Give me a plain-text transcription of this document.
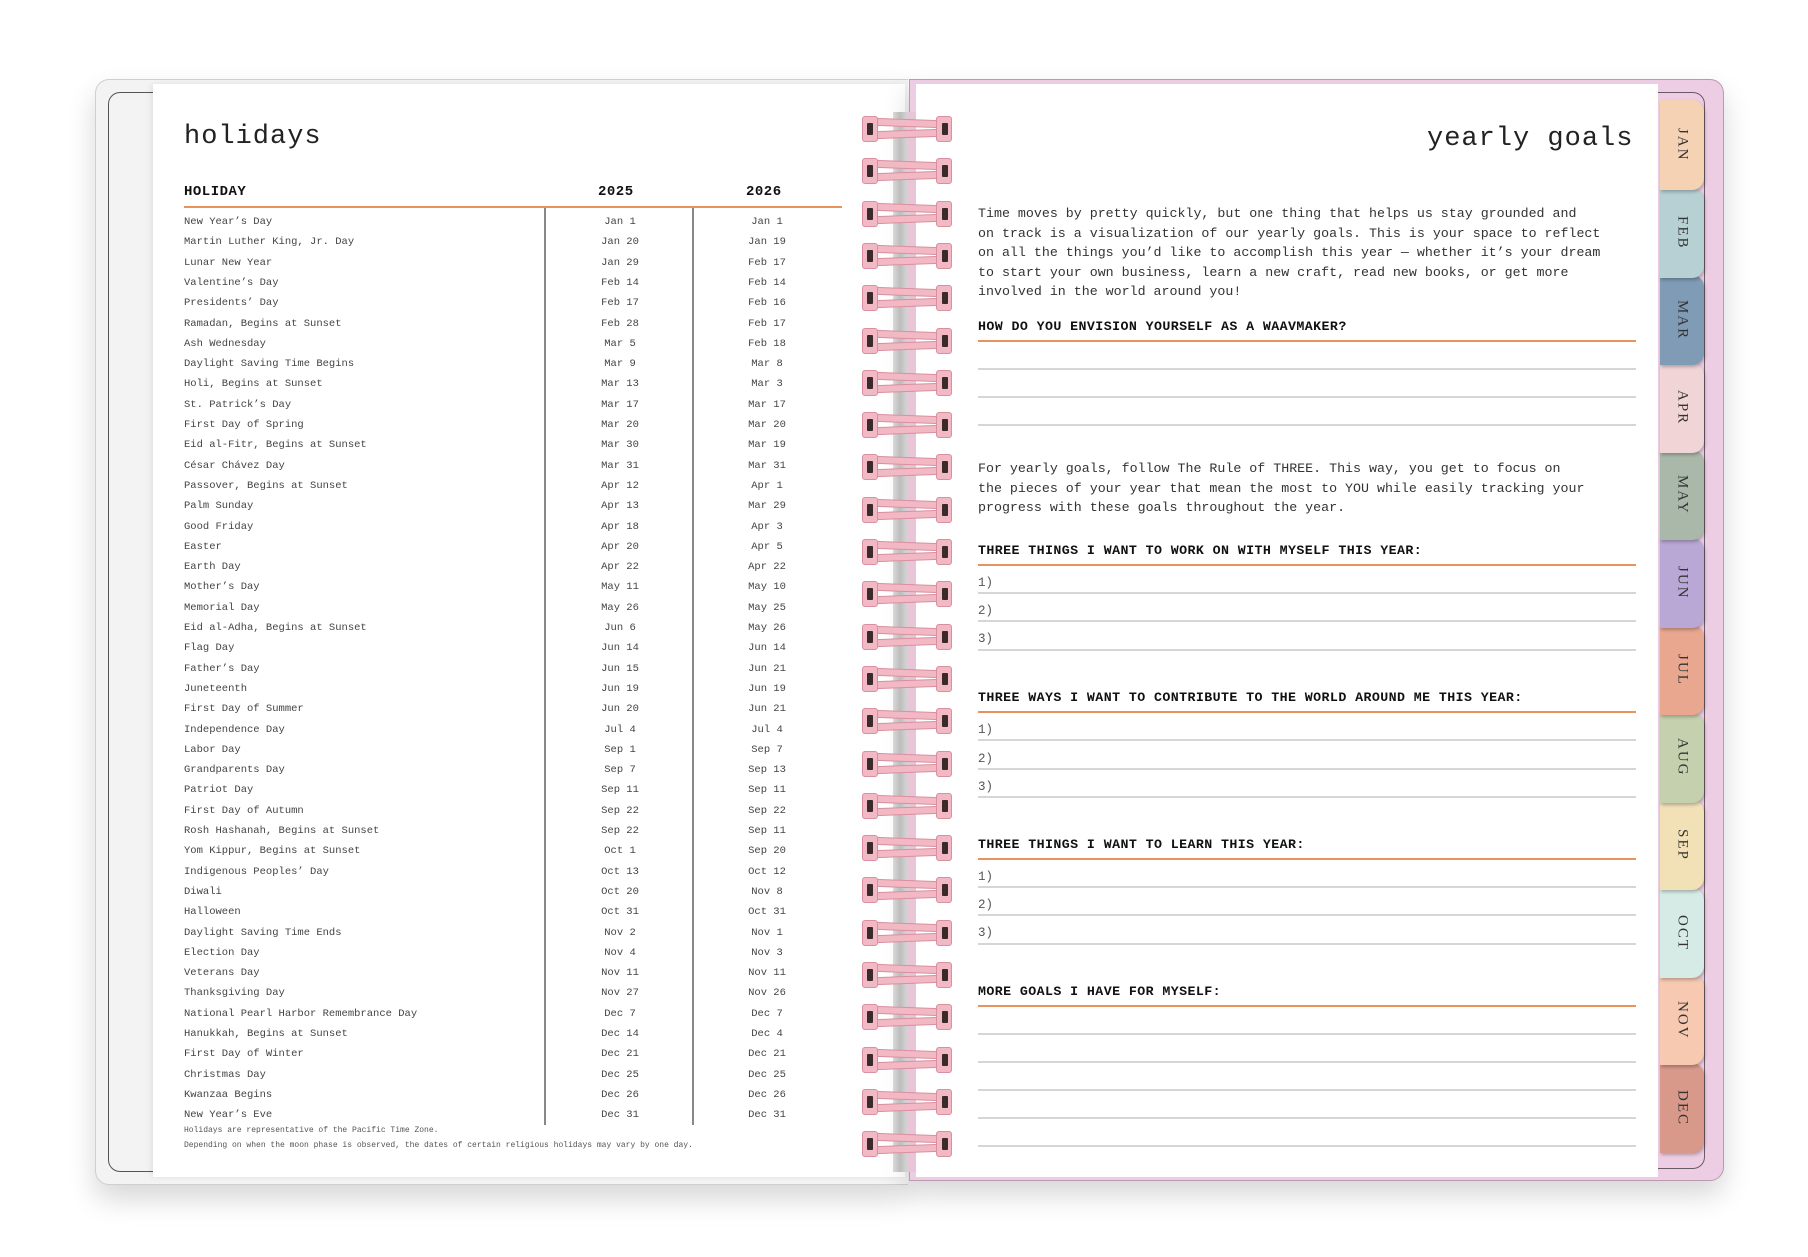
holidays
HOLIDAY	2025	2026
New Year’s Day	Jan 1	Jan 1
Martin Luther King, Jr. Day	Jan 20	Jan 19
Lunar New Year	Jan 29	Feb 17
Valentine’s Day	Feb 14	Feb 14
Presidents’ Day	Feb 17	Feb 16
Ramadan, Begins at Sunset	Feb 28	Feb 17
Ash Wednesday	Mar 5	Feb 18
Daylight Saving Time Begins	Mar 9	Mar 8
Holi, Begins at Sunset	Mar 13	Mar 3
St. Patrick’s Day	Mar 17	Mar 17
First Day of Spring	Mar 20	Mar 20
Eid al-Fitr, Begins at Sunset	Mar 30	Mar 19
César Chávez Day	Mar 31	Mar 31
Passover, Begins at Sunset	Apr 12	Apr 1
Palm Sunday	Apr 13	Mar 29
Good Friday	Apr 18	Apr 3
Easter	Apr 20	Apr 5
Earth Day	Apr 22	Apr 22
Mother’s Day	May 11	May 10
Memorial Day	May 26	May 25
Eid al-Adha, Begins at Sunset	Jun 6	May 26
Flag Day	Jun 14	Jun 14
Father’s Day	Jun 15	Jun 21
Juneteenth	Jun 19	Jun 19
First Day of Summer	Jun 20	Jun 21
Independence Day	Jul 4	Jul 4
Labor Day	Sep 1	Sep 7
Grandparents Day	Sep 7	Sep 13
Patriot Day	Sep 11	Sep 11
First Day of Autumn	Sep 22	Sep 22
Rosh Hashanah, Begins at Sunset	Sep 22	Sep 11
Yom Kippur, Begins at Sunset	Oct 1	Sep 20
Indigenous Peoples’ Day	Oct 13	Oct 12
Diwali	Oct 20	Nov 8
Halloween	Oct 31	Oct 31
Daylight Saving Time Ends	Nov 2	Nov 1
Election Day	Nov 4	Nov 3
Veterans Day	Nov 11	Nov 11
Thanksgiving Day	Nov 27	Nov 26
National Pearl Harbor Remembrance Day	Dec 7	Dec 7
Hanukkah, Begins at Sunset	Dec 14	Dec 4
First Day of Winter	Dec 21	Dec 21
Christmas Day	Dec 25	Dec 25
Kwanzaa Begins	Dec 26	Dec 26
New Year’s Eve	Dec 31	Dec 31
Holidays are representative of the Pacific Time Zone.
Depending on when the moon phase is observed, the dates of certain religious holidays may vary by one day.
JAN
FEB
MAR
APR
MAY
JUN
JUL
AUG
SEP
OCT
NOV
DEC
yearly goals
Time moves by pretty quickly, but one thing that helps us stay grounded and
on track is a visualization of our yearly goals. This is your space to reflect
on all the things you’d like to accomplish this year — whether it’s your dream
to start your own business, learn a new craft, read new books, or get more
involved in the world around you!
HOW DO YOU ENVISION YOURSELF AS A WAAVMAKER?
For yearly goals, follow The Rule of THREE. This way, you get to focus on
the pieces of your year that mean the most to YOU while easily tracking your
progress with these goals throughout the year.
THREE THINGS I WANT TO WORK ON WITH MYSELF THIS YEAR:
1)
2)
3)
THREE WAYS I WANT TO CONTRIBUTE TO THE WORLD AROUND ME THIS YEAR:
1)
2)
3)
THREE THINGS I WANT TO LEARN THIS YEAR:
1)
2)
3)
MORE GOALS I HAVE FOR MYSELF:
